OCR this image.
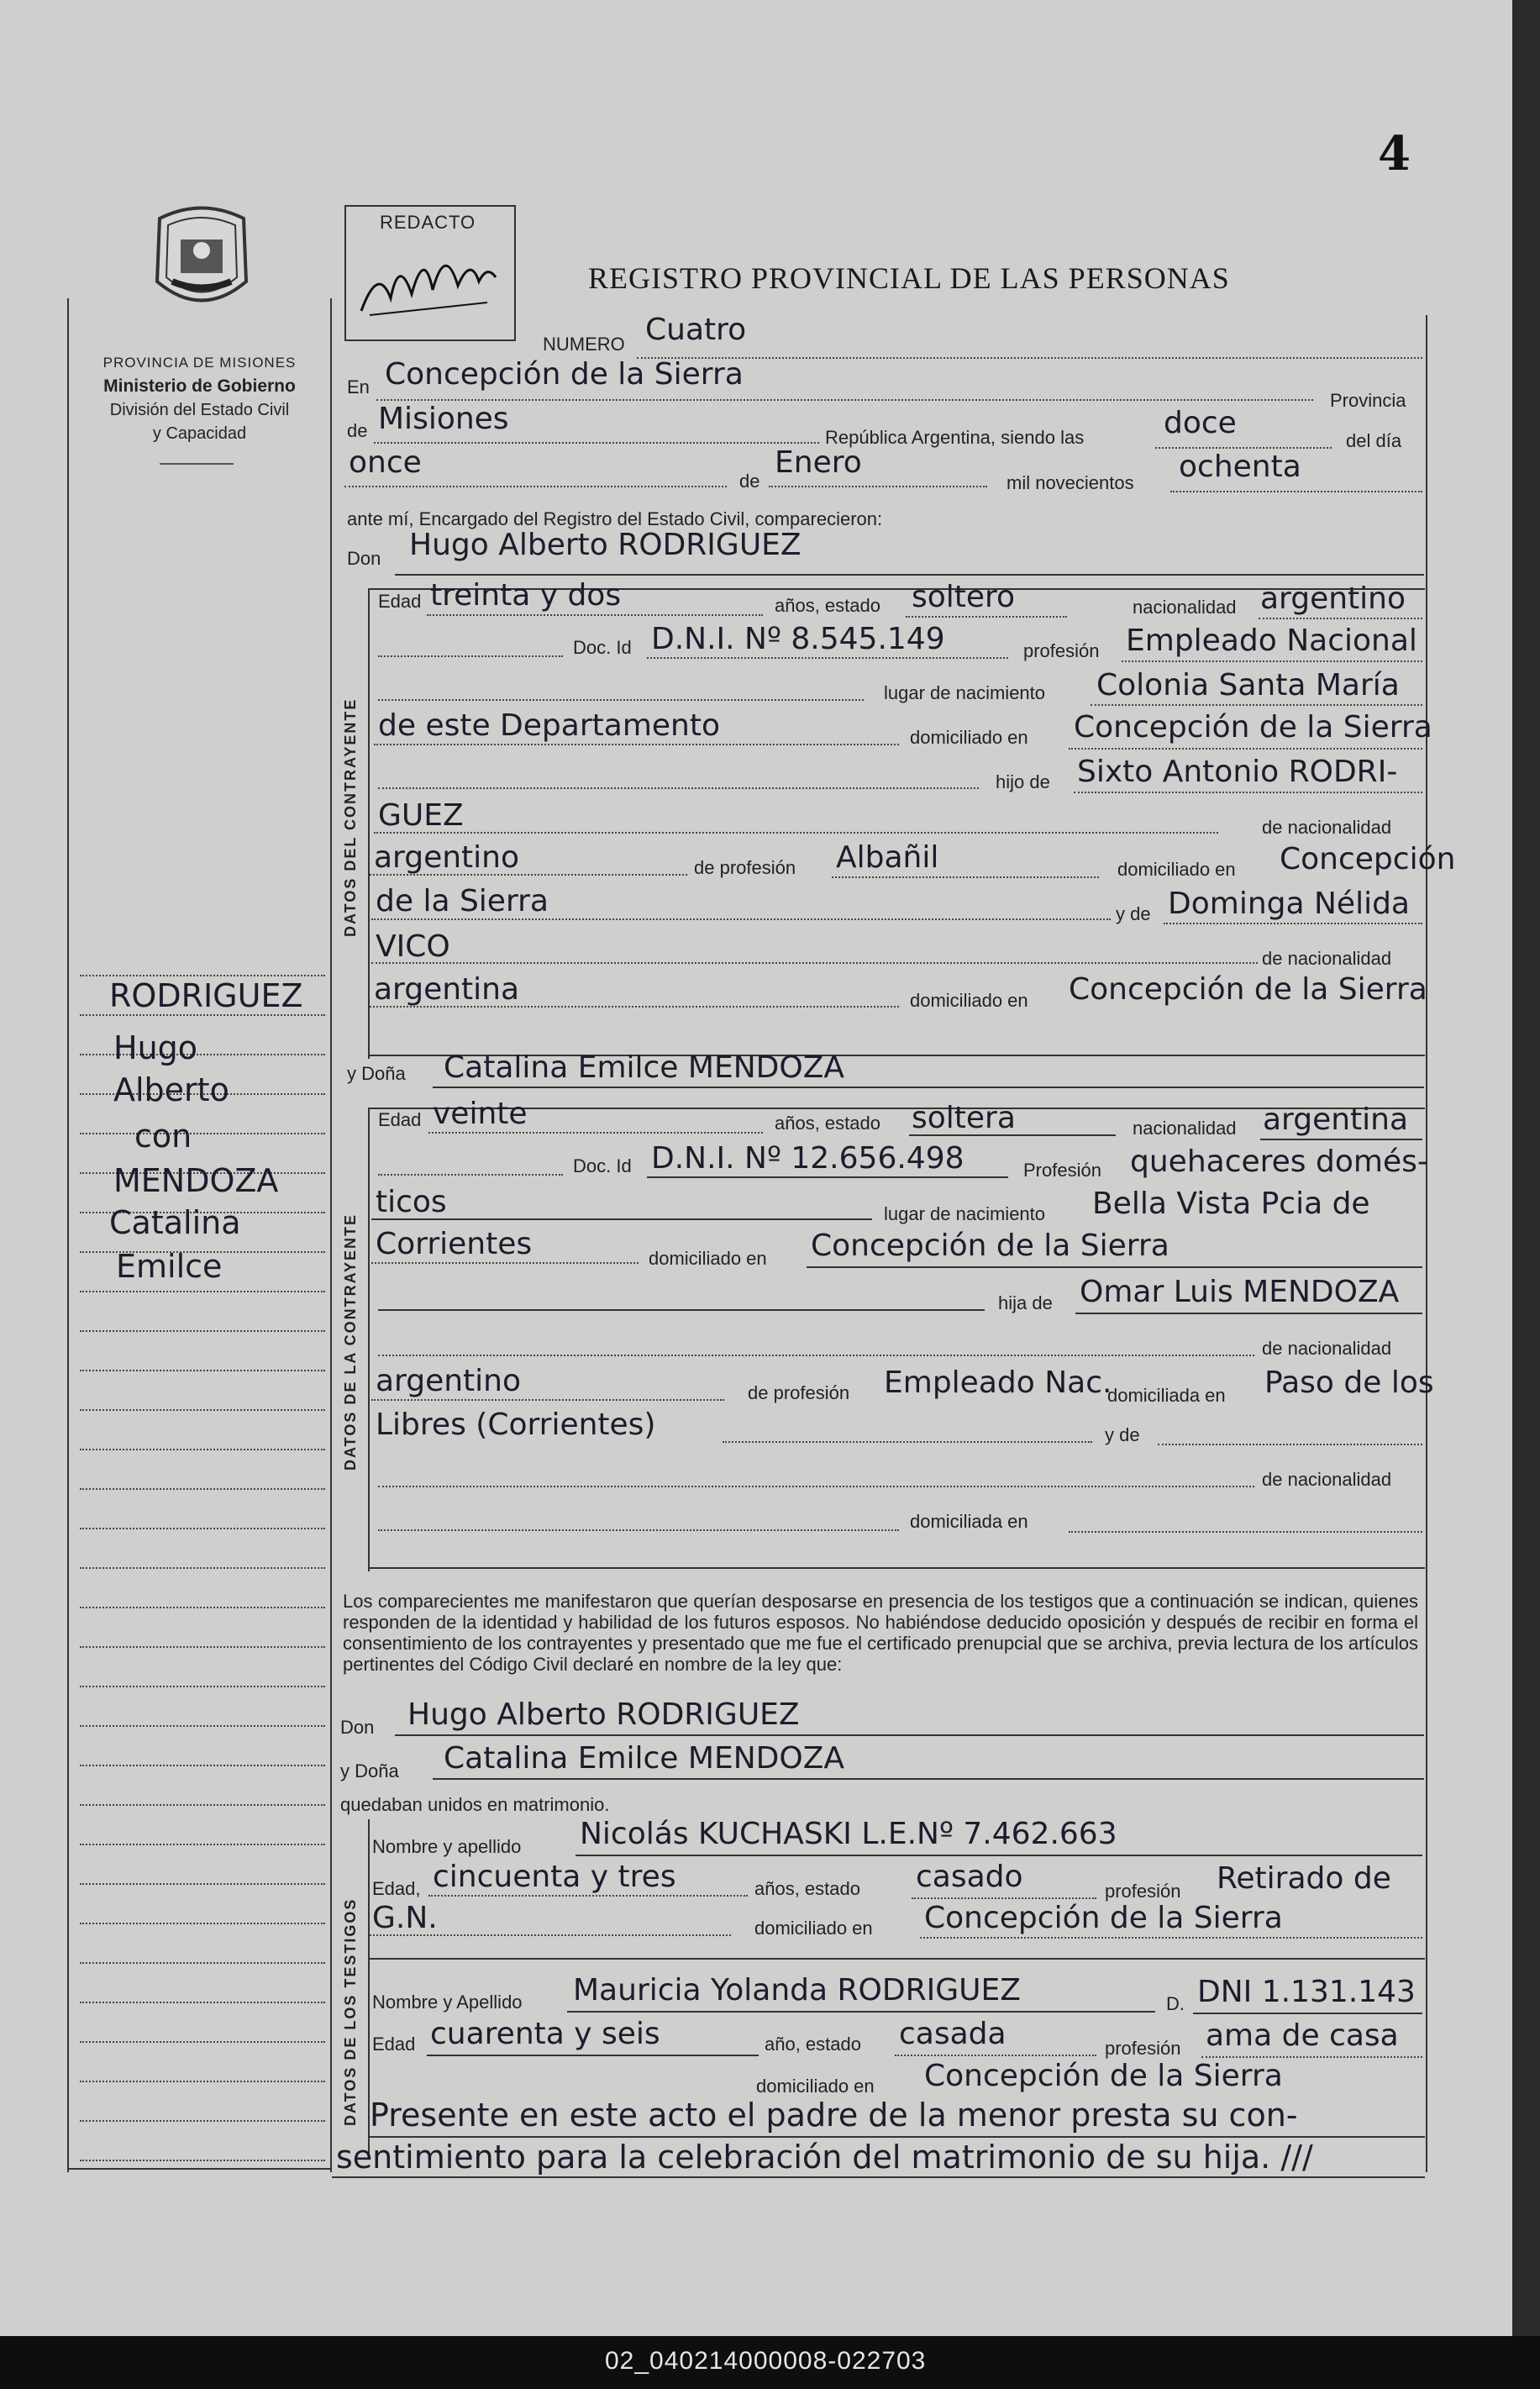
4
PROVINCIA DE MISIONES
Ministerio de Gobierno
División del Estado Civil
y Capacidad
RODRIGUEZ
Hugo
Alberto
con
MENDOZA
Catalina
Emilce
REDACTO
REGISTRO PROVINCIAL DE LAS PERSONAS
NUMERO Cuatro
En Concepción de la Sierra
Provincia
de Misiones
República Argentina, siendo las	doce
del día
once
de
Enero
mil novecientos ochenta
ante mí, Encargado del Registro del Estado Civil, comparecieron:
Don Hugo Alberto RODRIGUEZ
DATOS DEL CONTRAYENTE
Edad treinta y dos	años, estado soltero	nacionalidad argentino
Doc. Id D.N.I. Nº 8.545.149	profesión Empleado Nacional
lugar de nacimiento Colonia Santa María
de este Departamento	domiciliado en Concepción de la Sierra
hijo de Sixto Antonio RODRI-
GUEZ	de nacionalidad
argentino	de profesión Albañil	domiciliado en Concepción
de la Sierra	y de Dominga Nélida
VICO	de nacionalidad
argentina	domiciliado en Concepción de la Sierra
y Doña Catalina Emilce MENDOZA
DATOS DE LA CONTRAYENTE
Edad veinte	años, estado soltera	nacionalidad argentina
Doc. Id D.N.I. Nº 12.656.498	Profesión quehaceres domés-
ticos	lugar de nacimiento Bella Vista Pcia de
Corrientes	domiciliado en Concepción de la Sierra
hija de Omar Luis MENDOZA
de nacionalidad
argentino	de profesión Empleado Nac.
domiciliada en Paso de los
Libres (Corrientes)	y de
de nacionalidad
domiciliada en
Los comparecientes me manifestaron que querían desposarse en presencia de los testigos que a continuación se indican, quienes responden de la identidad y habilidad de los futuros esposos. No habiéndose deducido oposición y después de recibir en forma el consentimiento de los contrayentes y presentado que me fue el certificado prenupcial que se archiva, previa lectura de los artículos pertinentes del Código Civil declaré en nombre de la ley que:
Don Hugo Alberto RODRIGUEZ
y Doña Catalina Emilce MENDOZA
quedaban unidos en matrimonio.
DATOS DE LOS TESTIGOS
Nombre y apellido Nicolás KUCHASKI L.E.Nº 7.462.663
Edad, cincuenta y tres	años, estado casado	profesión Retirado de
G.N.	domiciliado en Concepción de la Sierra
Nombre y Apellido Mauricia Yolanda RODRIGUEZ	D. DNI 1.131.143
Edad cuarenta y seis	año, estado casada	profesión ama de casa
domiciliado en Concepción de la Sierra
Presente en este acto el padre de la menor presta su con-
sentimiento para la celebración del matrimonio de su hija. ///
02_040214000008-022703
